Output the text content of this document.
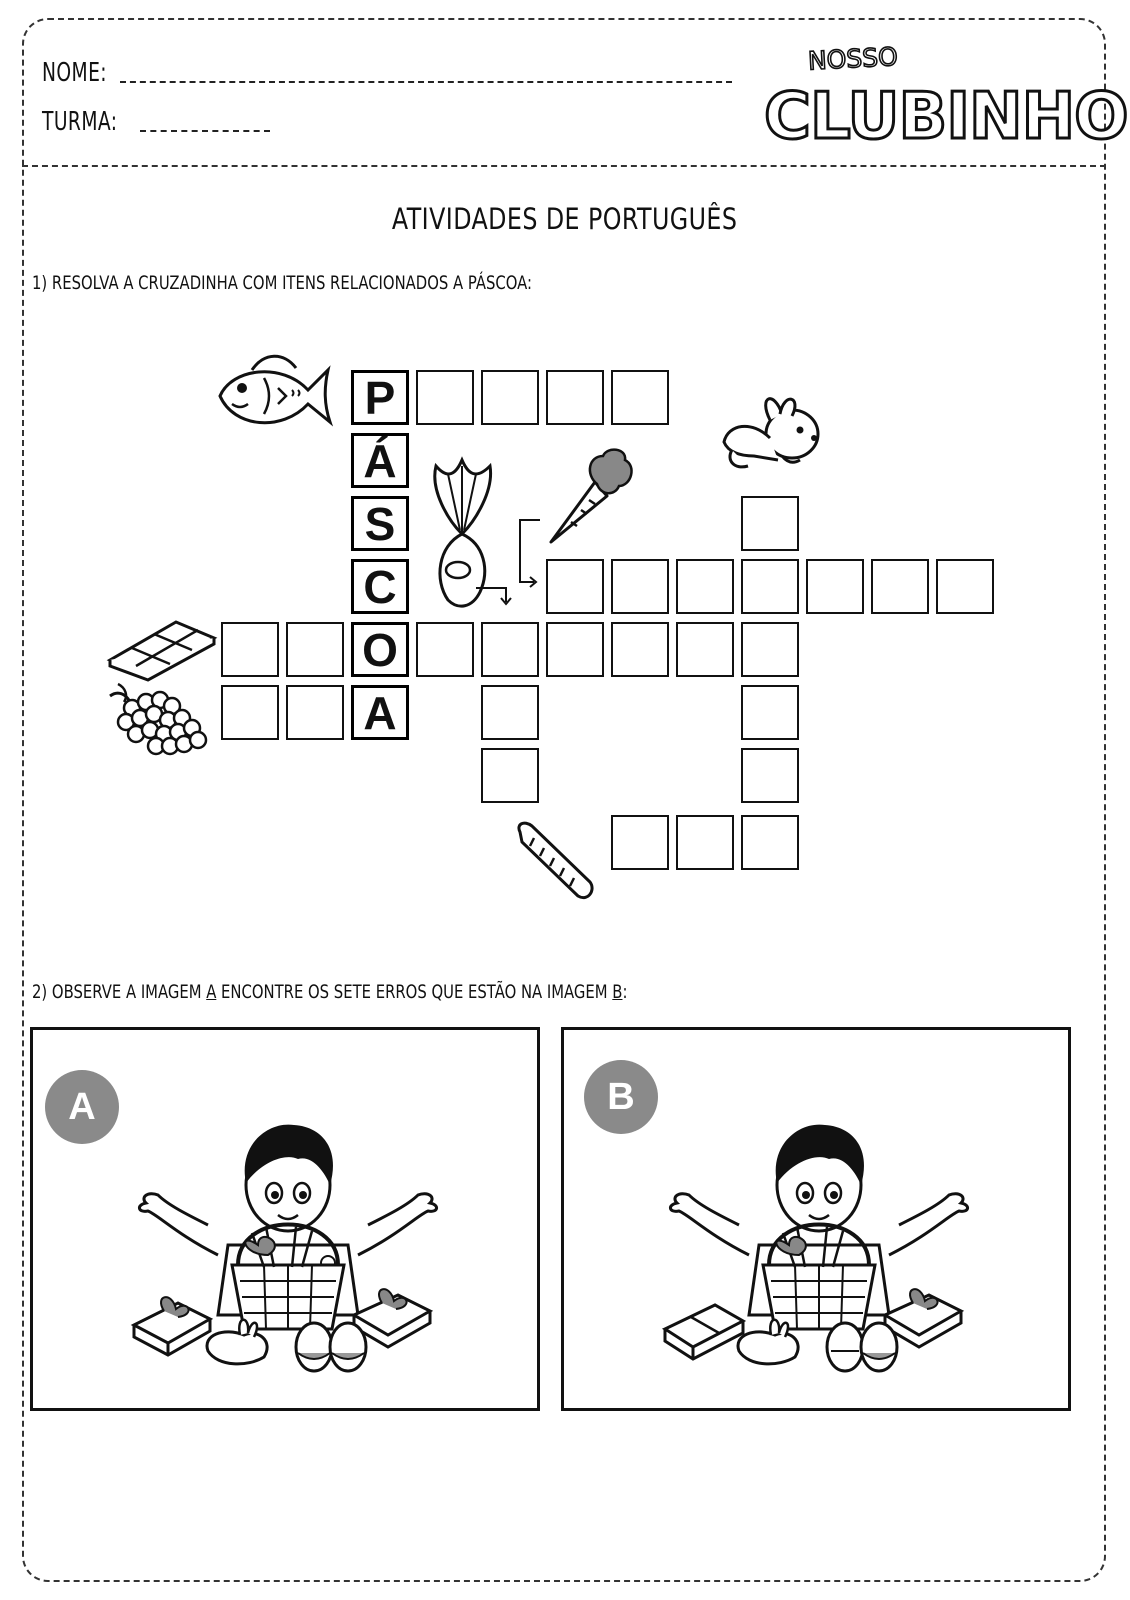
NOME:
TURMA:
NOSSO
CLUBINHO
ATIVIDADES DE PORTUGUÊS
1) RESOLVA A CRUZADINHA COM ITENS RELACIONADOS A PÁSCOA:
P
Á
S
C
O
A
2) OBSERVE A IMAGEM A ENCONTRE OS SETE ERROS QUE ESTÃO NA IMAGEM B:
A	B
